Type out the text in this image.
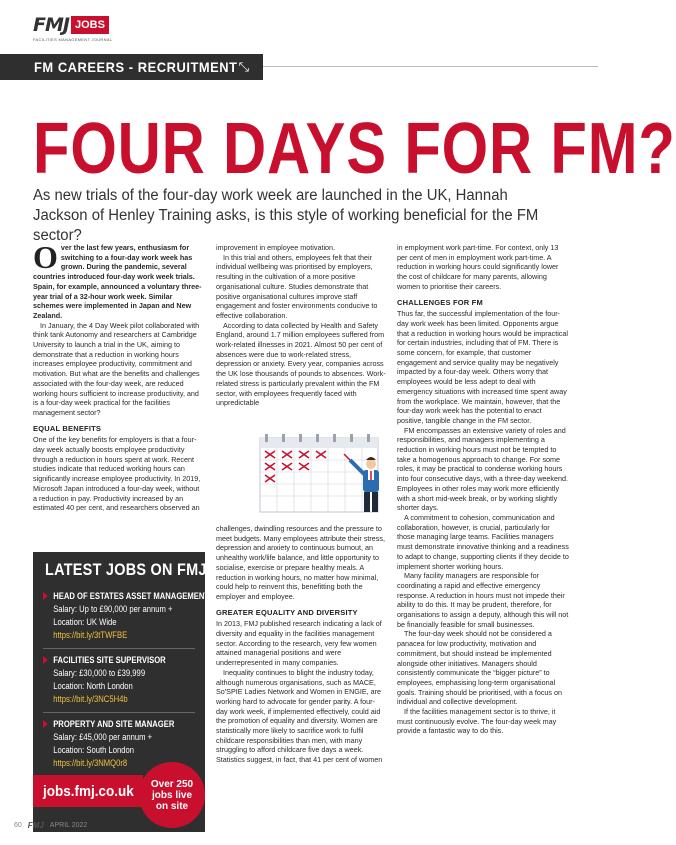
FMJ JOBS
FACILITIES MANAGEMENT JOURNAL
FM CAREERS - RECRUITMENT ⤡
FOUR DAYS FOR FM?

As new trials of the four-day work week are launched in the UK, Hannah Jackson of Henley Training asks, is this style of working beneficial for the FM sector?

Over the last few years, enthusiasm for switching to a four-day work week has grown. During the pandemic, several countries introduced four-day work week trials. Spain, for example, announced a voluntary three-year trial of a 32-hour work week. Similar schemes were implemented in Japan and New Zealand.

In January, the 4 Day Week pilot collaborated with think tank Autonomy and researchers at Cambridge University to launch a trial in the UK, aiming to demonstrate that a reduction in working hours increases employee productivity, commitment and motivation. But what are the benefits and challenges associated with the four-day week, are reduced working hours sufficient to increase productivity, and is a four-day week practical for the facilities management sector?

EQUAL BENEFITS

One of the key benefits for employers is that a four-day week actually boosts employee productivity through a reduction in hours spent at work. Recent studies indicate that reduced working hours can significantly increase employee productivity. In 2019, Microsoft Japan introduced a four-day week, without a reduction in pay. Productivity increased by an estimated 40 per cent, and researchers observed an

LATEST JOBS ON FMJ
HEAD OF ESTATES ASSET MANAGEMENT
Salary: Up to £90,000 per annum +
Location: UK Wide
https://bit.ly/3tTWFBE
FACILITIES SITE SUPERVISOR
Salary: £30,000 to £39,999
Location: North London
https://bit.ly/3NC5H4b
PROPERTY AND SITE MANAGER
Salary: £45,000 per annum +
Location: South London
https://bit.ly/3NMQ0r8
jobs.fmj.co.uk	Over 250 jobs live on site

improvement in employee motivation.

In this trial and others, employees felt that their individual wellbeing was prioritised by employers, resulting in the cultivation of a more positive organisational culture. Studies demonstrate that positive organisational cultures improve staff engagement and foster environments conducive to effective collaboration.

According to data collected by Health and Safety England, around 1.7 million employees suffered from work-related illnesses in 2021. Almost 50 per cent of absences were due to work-related stress, depression or anxiety. Every year, companies across the UK lose thousands of pounds to absences. Work-related stress is particularly prevalent within the FM sector, with employees frequently faced with unpredictable

challenges, dwindling resources and the pressure to meet budgets. Many employees attribute their stress, depression and anxiety to continuous burnout, an unhealthy work/life balance, and little opportunity to socialise, exercise or prepare healthy meals. A reduction in working hours, no matter how minimal, could help to reinvent this, benefitting both the employer and employee.

GREATER EQUALITY AND DIVERSITY

In 2013, FMJ published research indicating a lack of diversity and equality in the facilities management sector. According to the research, very few women attained managerial positions and were underrepresented in many companies.

Inequality continues to blight the industry today, although numerous organisations, such as MACE, So'SPIE Ladies Network and Women in ENGIE, are working hard to advocate for gender parity. A four-day work week, if implemented effectively, could aid the promotion of equality and diversity. Women are statistically more likely to sacrifice work to fulfil childcare responsibilities than men, with many struggling to afford childcare five days a week. Statistics suggest, in fact, that 41 per cent of women

in employment work part-time. For context, only 13 per cent of men in employment work part-time. A reduction in working hours could significantly lower the cost of childcare for many parents, allowing women to prioritise their careers.

CHALLENGES FOR FM

Thus far, the successful implementation of the four-day work week has been limited. Opponents argue that a reduction in working hours would be impractical for certain industries, including that of FM. There is some concern, for example, that customer engagement and service quality may be negatively impacted by a four-day week. Others worry that employees would be less adept to deal with emergency situations with increased time spent away from the workplace. We maintain, however, that the four-day work week has the potential to enact positive, tangible change in the FM sector.

FM encompasses an extensive variety of roles and responsibilities, and managers implementing a reduction in working hours must not be tempted to take a homogenous approach to change. For some roles, it may be practical to condense working hours into four consecutive days, with a three-day weekend. Employees in other roles may work more efficiently with a short mid-week break, or by working slightly shorter days.

A commitment to cohesion, communication and collaboration, however, is crucial, particularly for those managing large teams. Facilities managers must demonstrate innovative thinking and a readiness to adapt to change, supporting clients if they decide to implement shorter working hours.

Many facility managers are responsible for coordinating a rapid and effective emergency response. A reduction in hours must not impede their ability to do this. It may be prudent, therefore, for organisations to assign a deputy, although this will not be financially feasible for small businesses.

The four-day week should not be considered a panacea for low productivity, motivation and commitment, but should instead be implemented alongside other initiatives. Managers should consistently communicate the “bigger picture” to employees, emphasising long-term organisational goals. Training should be prioritised, with a focus on individual and collective development.

If the facilities management sector is to thrive, it must continuously evolve. The four-day week may provide a fantastic way to do this.

60 FMJ APRIL 2022
